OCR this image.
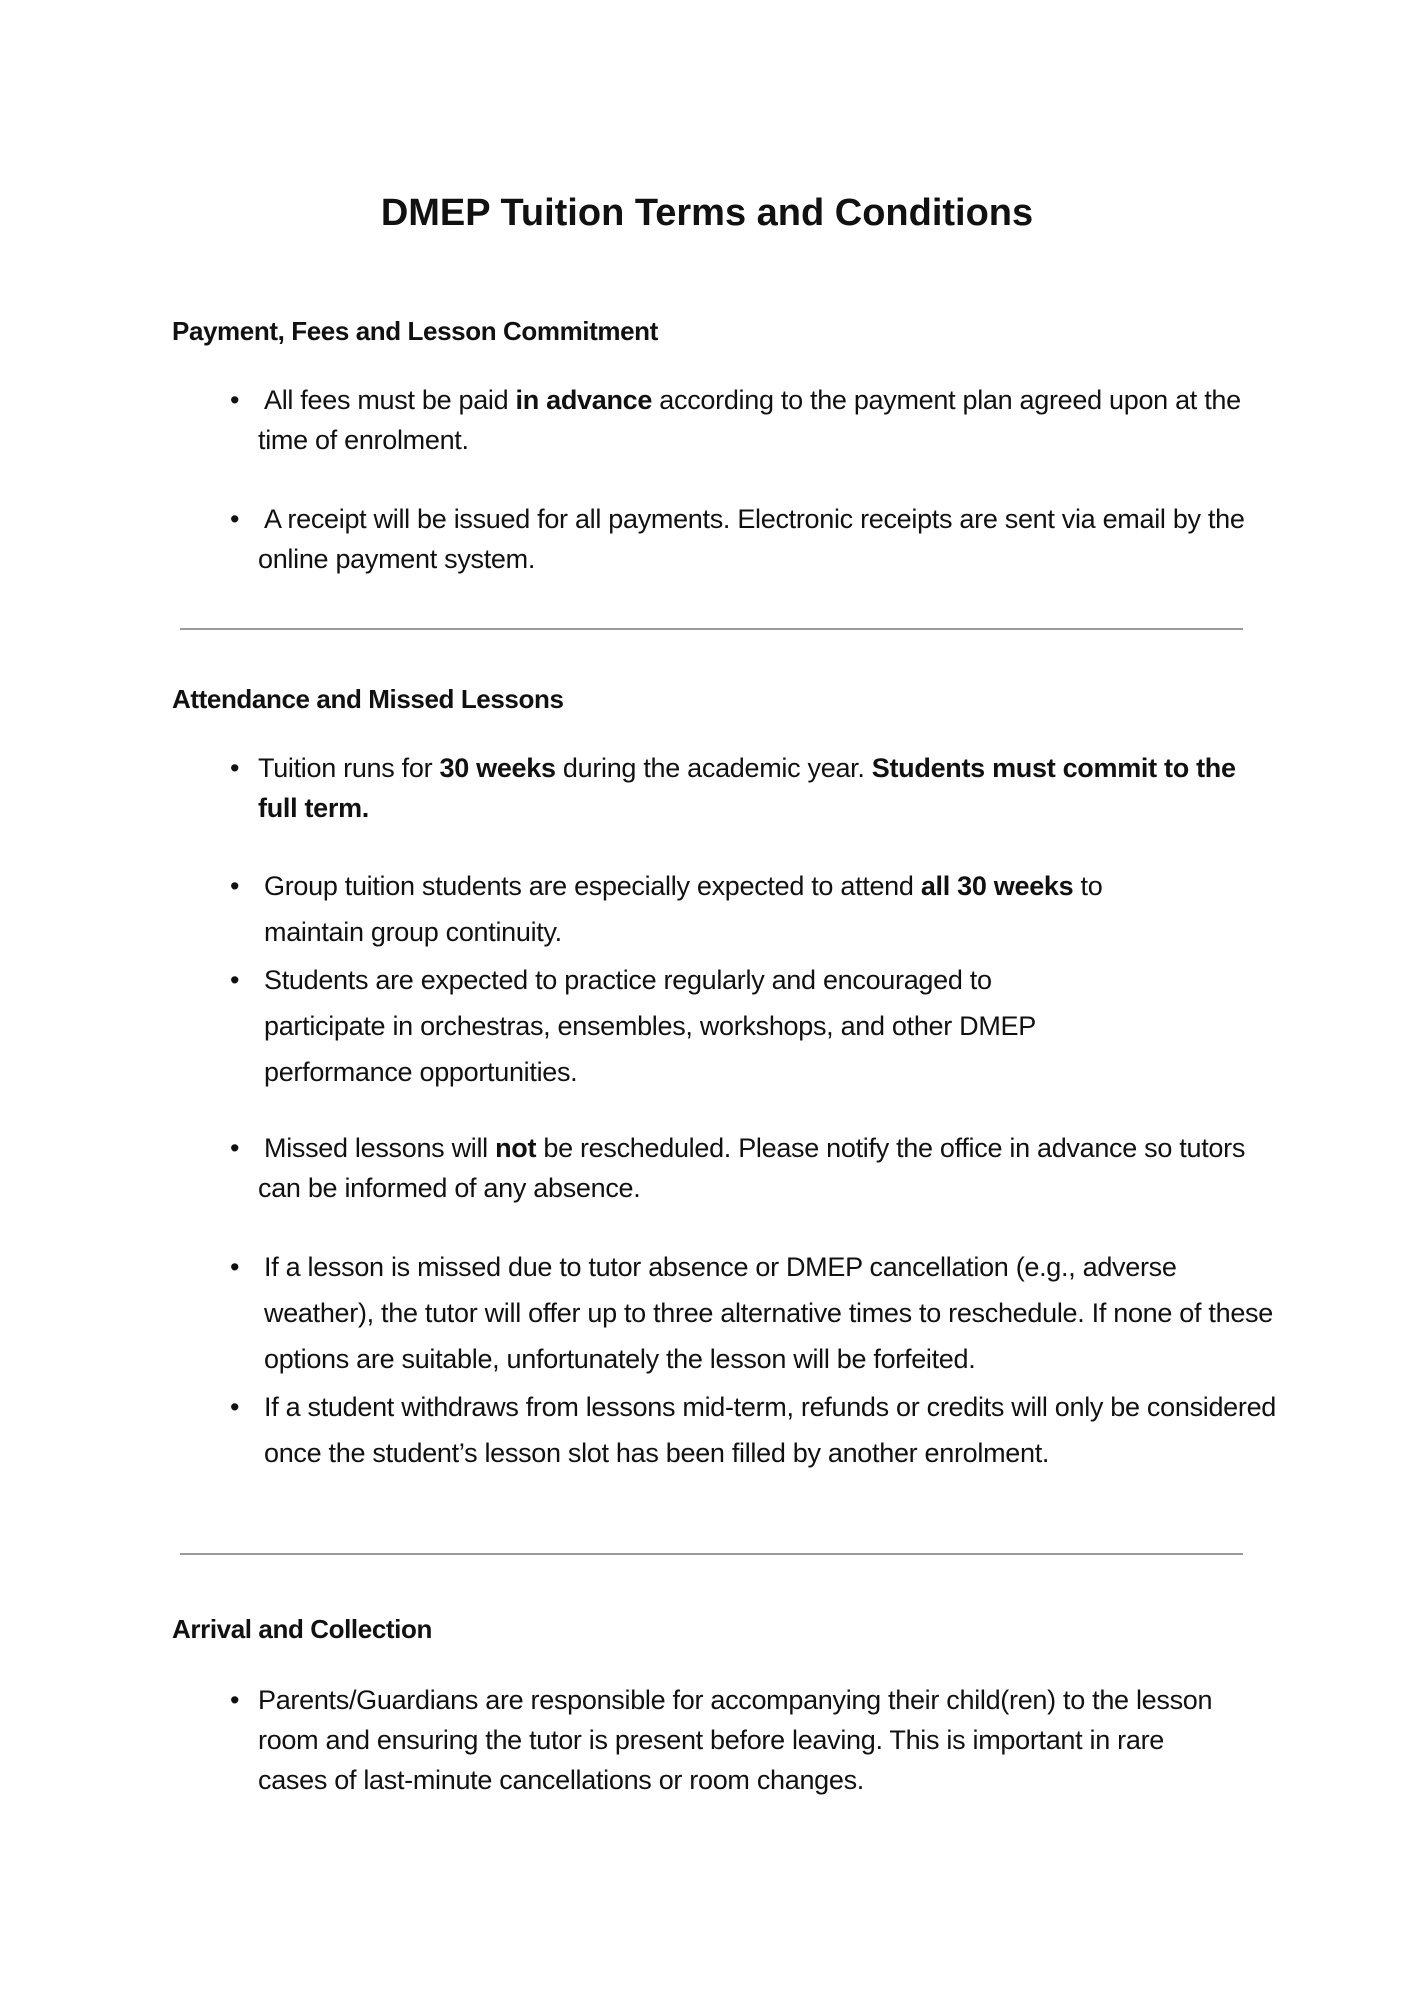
DMEP Tuition Terms and Conditions
Payment, Fees and Lesson Commitment
• All fees must be paid in advance according to the payment plan agreed upon at the time of enrolment.
• A receipt will be issued for all payments. Electronic receipts are sent via email by the online payment system.
Attendance and Missed Lessons
• Tuition runs for 30 weeks during the academic year. Students must commit to the full term.
• Group tuition students are especially expected to attend all 30 weeks to maintain group continuity.
• Students are expected to practice regularly and encouraged to participate in orchestras, ensembles, workshops, and other DMEP performance opportunities.
• Missed lessons will not be rescheduled. Please notify the office in advance so tutors can be informed of any absence.
• If a lesson is missed due to tutor absence or DMEP cancellation (e.g., adverse weather), the tutor will offer up to three alternative times to reschedule. If none of these options are suitable, unfortunately the lesson will be forfeited.
• If a student withdraws from lessons mid-term, refunds or credits will only be considered once the student’s lesson slot has been filled by another enrolment.
Arrival and Collection
• Parents/Guardians are responsible for accompanying their child(ren) to the lesson room and ensuring the tutor is present before leaving. This is important in rare cases of last-minute cancellations or room changes.
